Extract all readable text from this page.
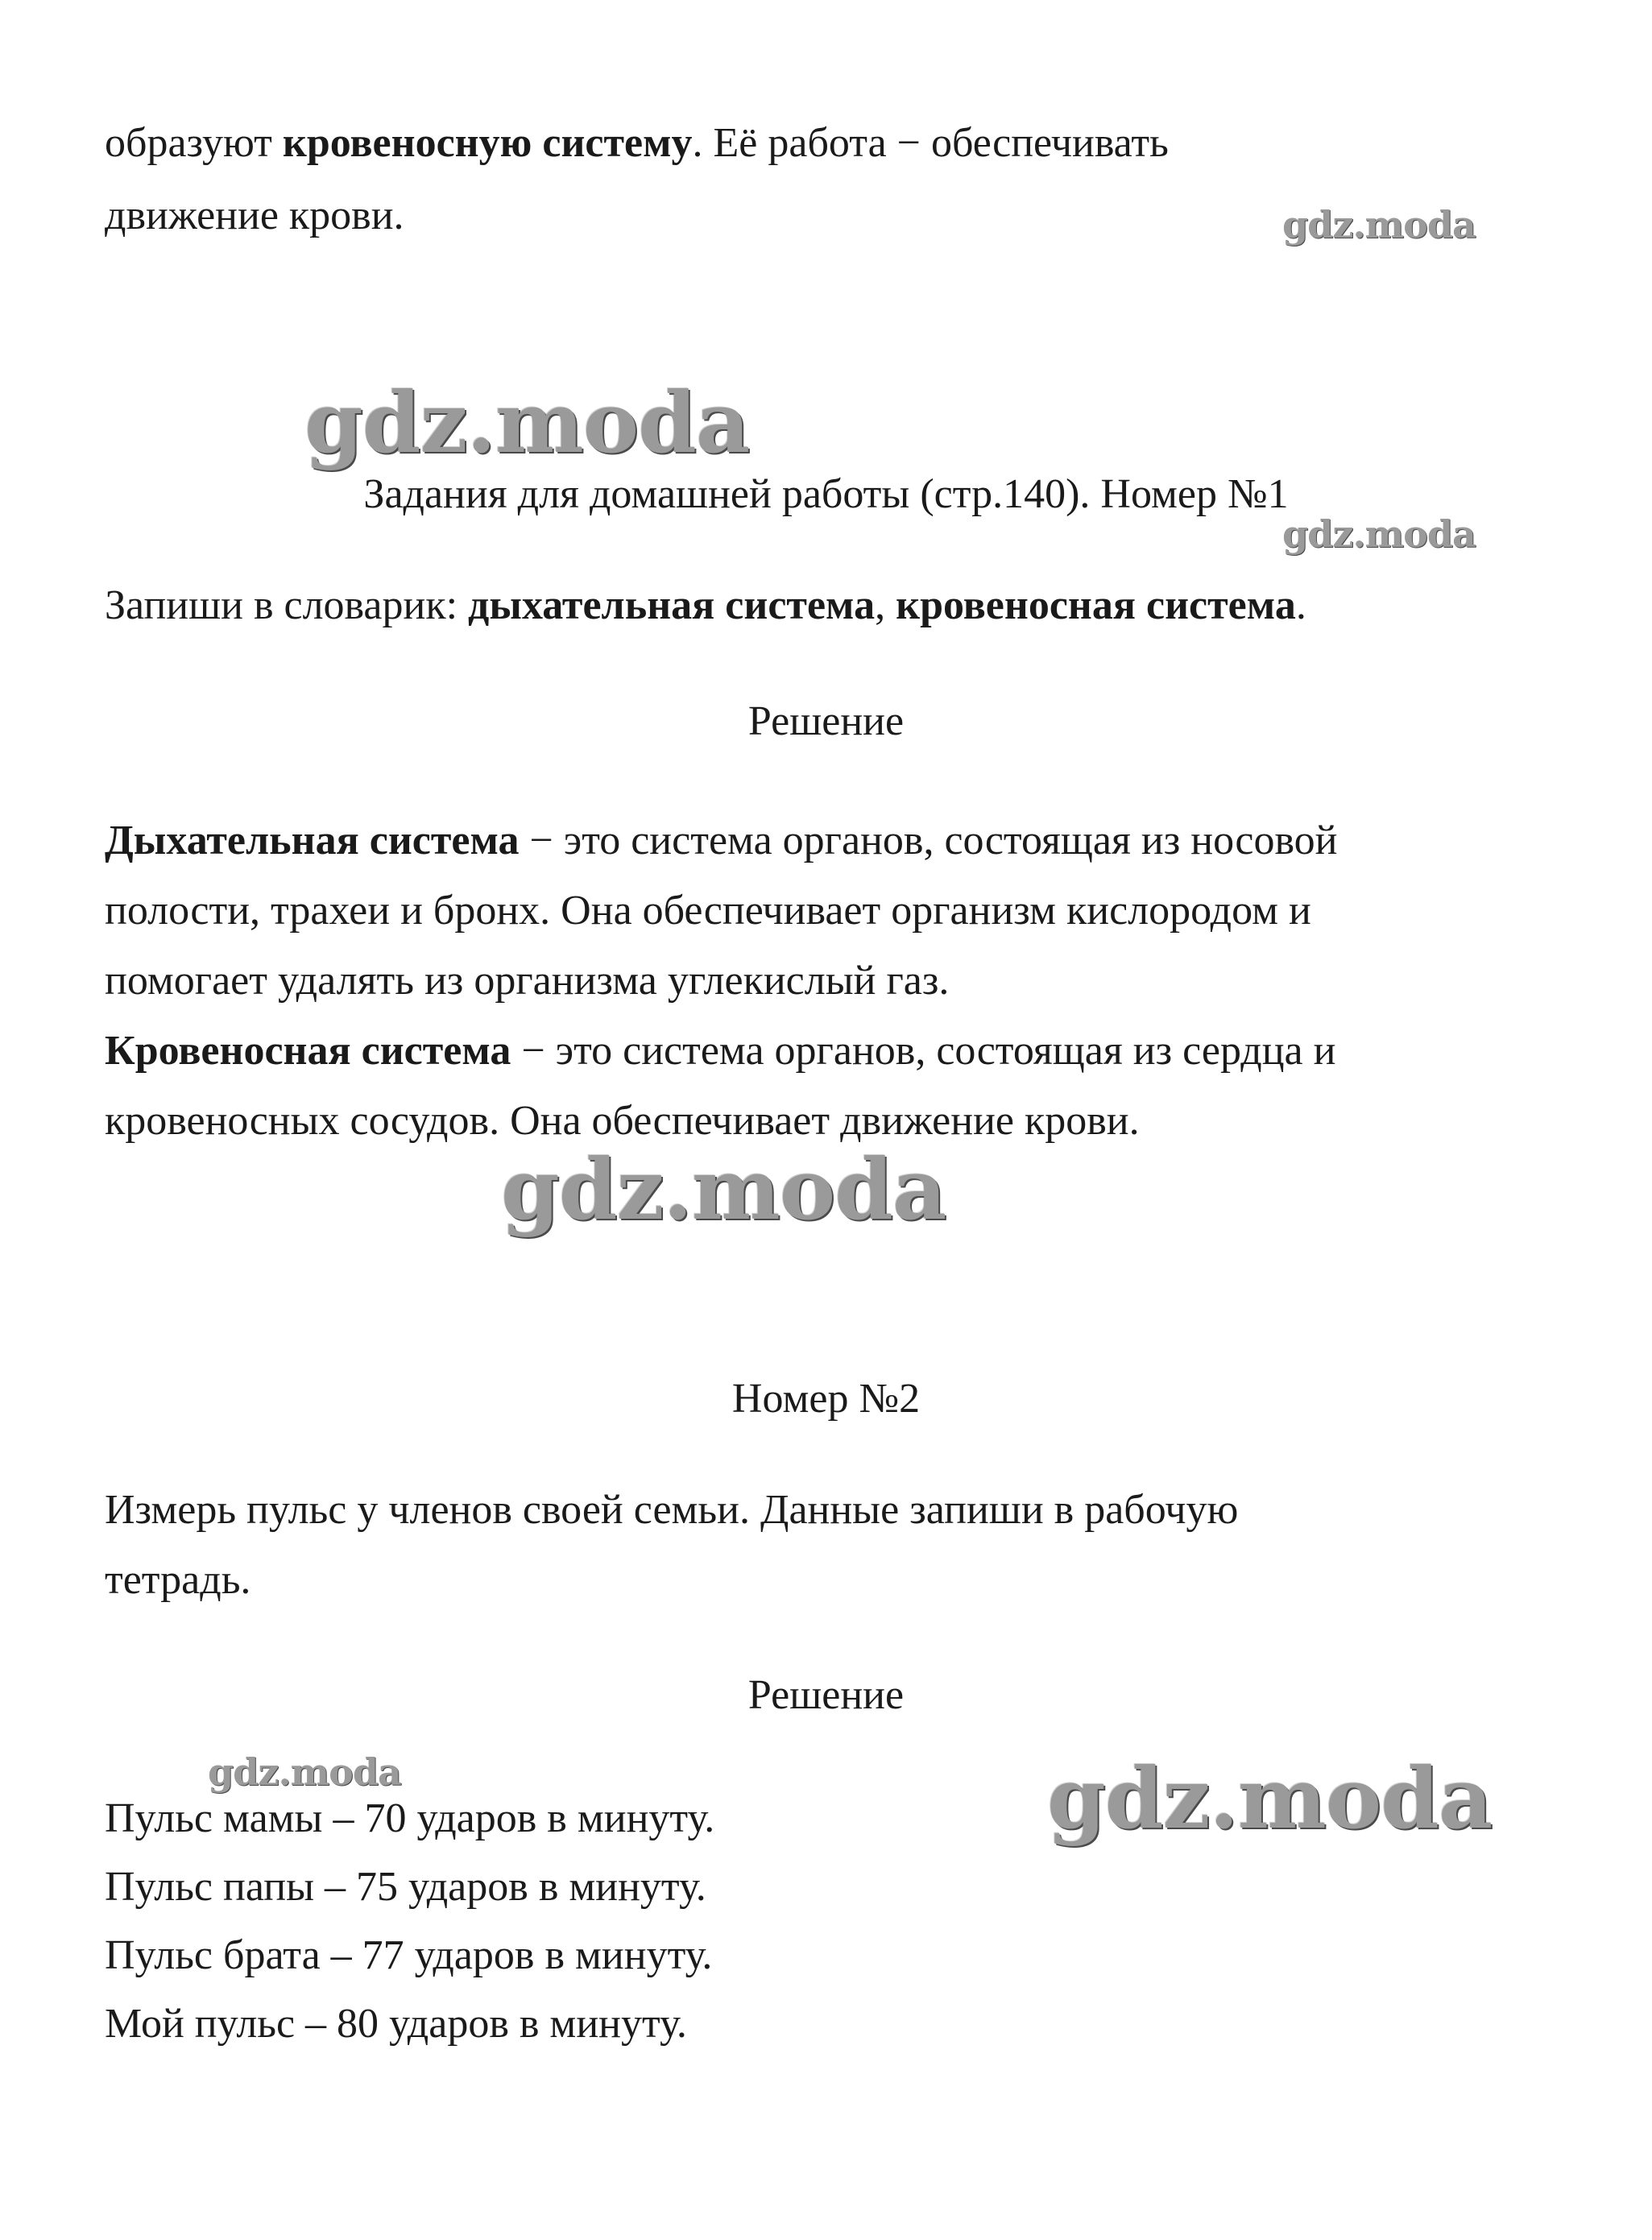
образуют кровеносную систему. Её работа − обеспечивать
движение крови.
Задания для домашней работы (стр.140). Номер №1
Запиши в словарик: дыхательная система, кровеносная система.
Решение
Дыхательная система − это система органов, состоящая из носовой
полости, трахеи и бронх. Она обеспечивает организм кислородом и
помогает удалять из организма углекислый газ.
Кровеносная система − это система органов, состоящая из сердца и
кровеносных сосудов. Она обеспечивает движение крови.
Номер №2
Измерь пульс у членов своей семьи. Данные запиши в рабочую
тетрадь.
Решение
Пульс мамы – 70 ударов в минуту.
Пульс папы – 75 ударов в минуту.
Пульс брата – 77 ударов в минуту.
Мой пульс – 80 ударов в минуту.
gdz.moda
gdz.moda
gdz.moda
gdz.moda
gdz.moda	gdz.moda
